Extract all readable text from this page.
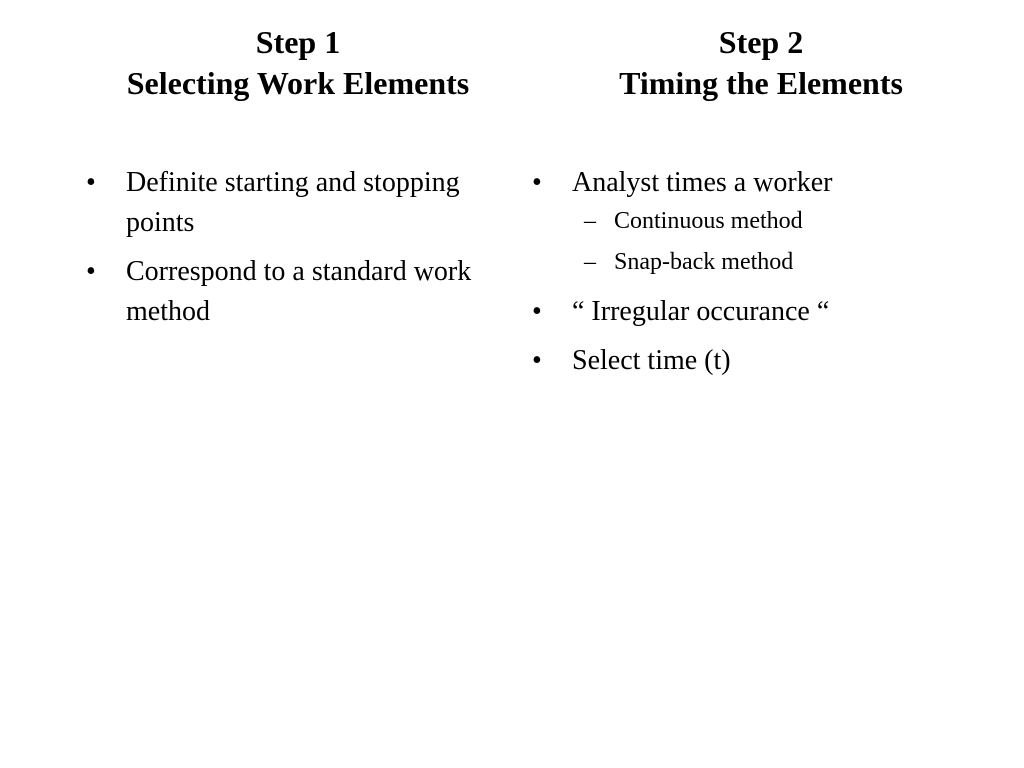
Step 1
Selecting Work Elements
Step 2
Timing the Elements
•	Definite starting and stopping points
•	Correspond to a standard work method
•	Analyst times a worker
– Continuous method
– Snap-back method
•	“ Irregular occurance “
•	Select time (t)
